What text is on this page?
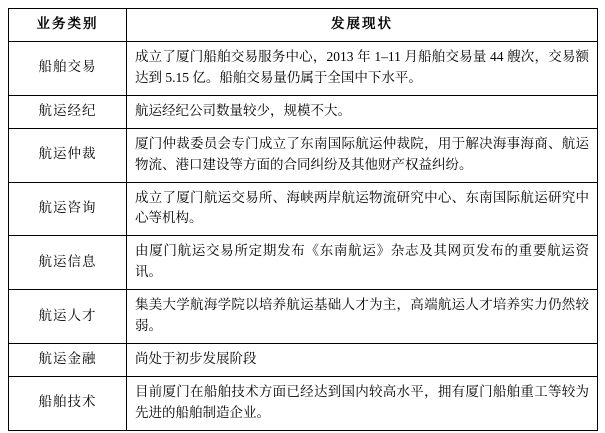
业务类别	发展现状
船舶交易	成立了厦门船舶交易服务中心，2013 年 1–11 月船舶交易量 44 艘次，交易额达到 5.15 亿。船舶交易量仍属于全国中下水平。
航运经纪	航运经纪公司数量较少，规模不大。
航运仲裁	厦门仲裁委员会专门成立了东南国际航运仲裁院，用于解决海事海商、航运物流、港口建设等方面的合同纠纷及其他财产权益纠纷。
航运咨询	成立了厦门航运交易所、海峡两岸航运物流研究中心、东南国际航运研究中心等机构。
航运信息	由厦门航运交易所定期发布《东南航运》杂志及其网页发布的重要航运资讯。
航运人才	集美大学航海学院以培养航运基础人才为主，高端航运人才培养实力仍然较弱。
航运金融	尚处于初步发展阶段
船舶技术	目前厦门在船舶技术方面已经达到国内较高水平，拥有厦门船舶重工等较为先进的船舶制造企业。
